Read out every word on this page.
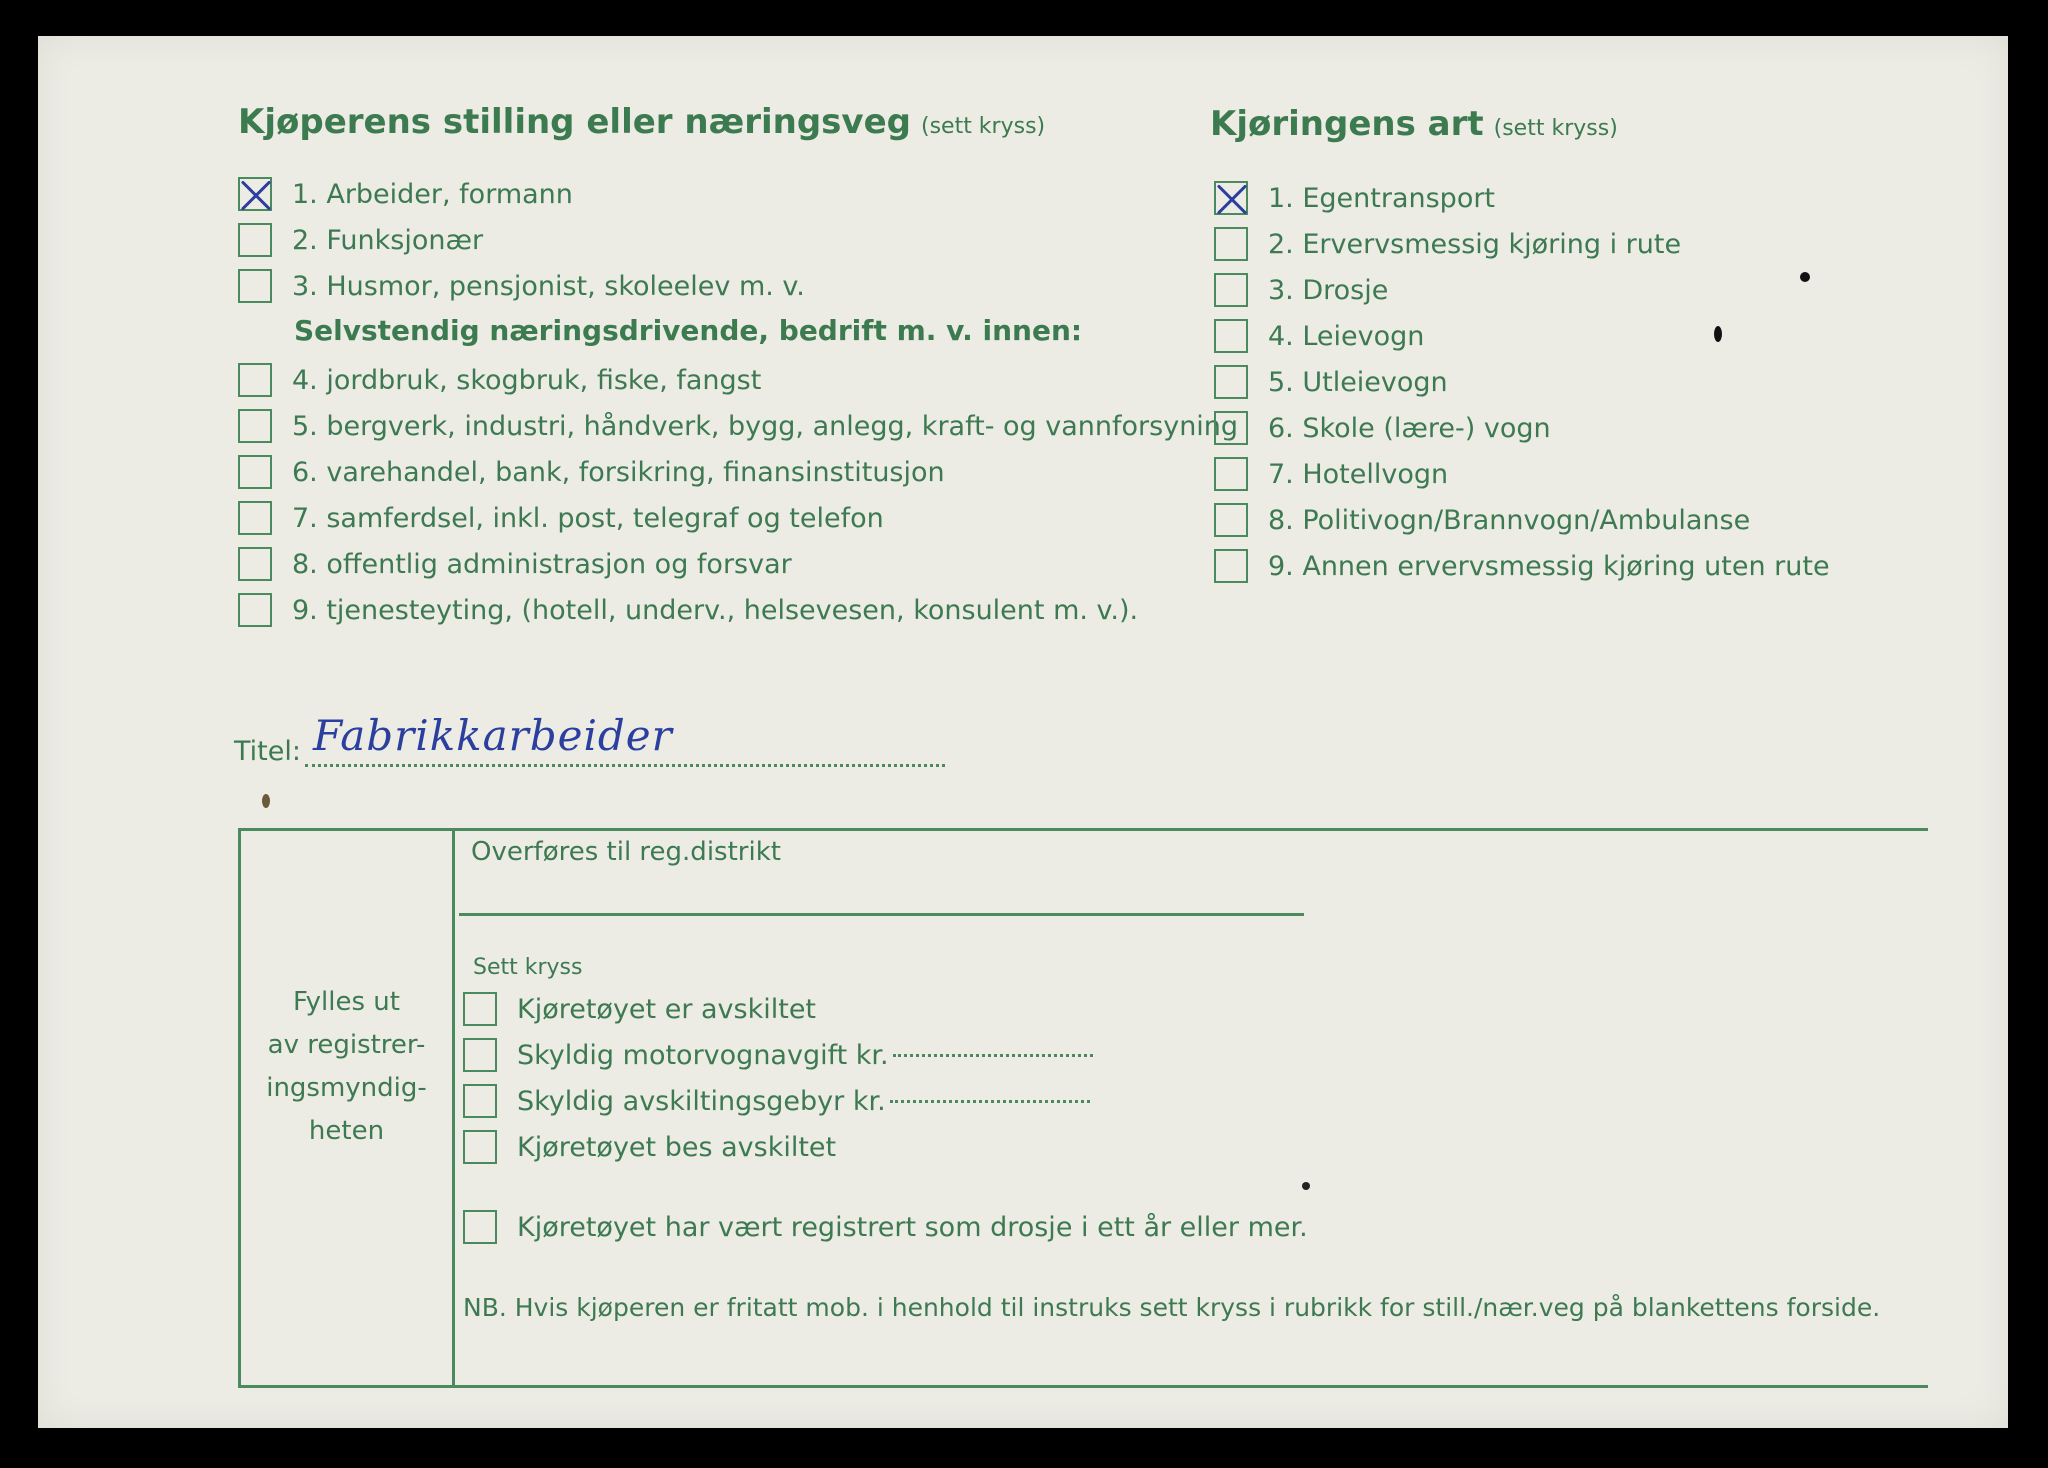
Kjøperens stilling eller næringsveg (sett kryss)
1. Arbeider, formann
2. Funksjonær
3. Husmor, pensjonist, skoleelev m. v.
Selvstendig næringsdrivende, bedrift m. v. innen:
4. jordbruk, skogbruk, fiske, fangst
5. bergverk, industri, håndverk, bygg, anlegg, kraft- og vannforsyning
6. varehandel, bank, forsikring, finansinstitusjon
7. samferdsel, inkl. post, telegraf og telefon
8. offentlig administrasjon og forsvar
9. tjenesteyting, (hotell, underv., helsevesen, konsulent m. v.).
Kjøringens art (sett kryss)
1. Egentransport
2. Ervervsmessig kjøring i rute
3. Drosje
4. Leievogn
5. Utleievogn
6. Skole (lære-) vogn
7. Hotellvogn
8. Politivogn/Brannvogn/Ambulanse
9. Annen ervervsmessig kjøring uten rute
Titel: Fabrikkarbeider
Fylles ut
av registrer-
ingsmyndig-
heten
Overføres til reg.distrikt
Sett kryss
Kjøretøyet er avskiltet
Skyldig motorvognavgift kr.
Skyldig avskiltingsgebyr kr.
Kjøretøyet bes avskiltet
Kjøretøyet har vært registrert som drosje i ett år eller mer.
NB. Hvis kjøperen er fritatt mob. i henhold til instruks sett kryss i rubrikk for still./nær.veg på blankettens forside.
